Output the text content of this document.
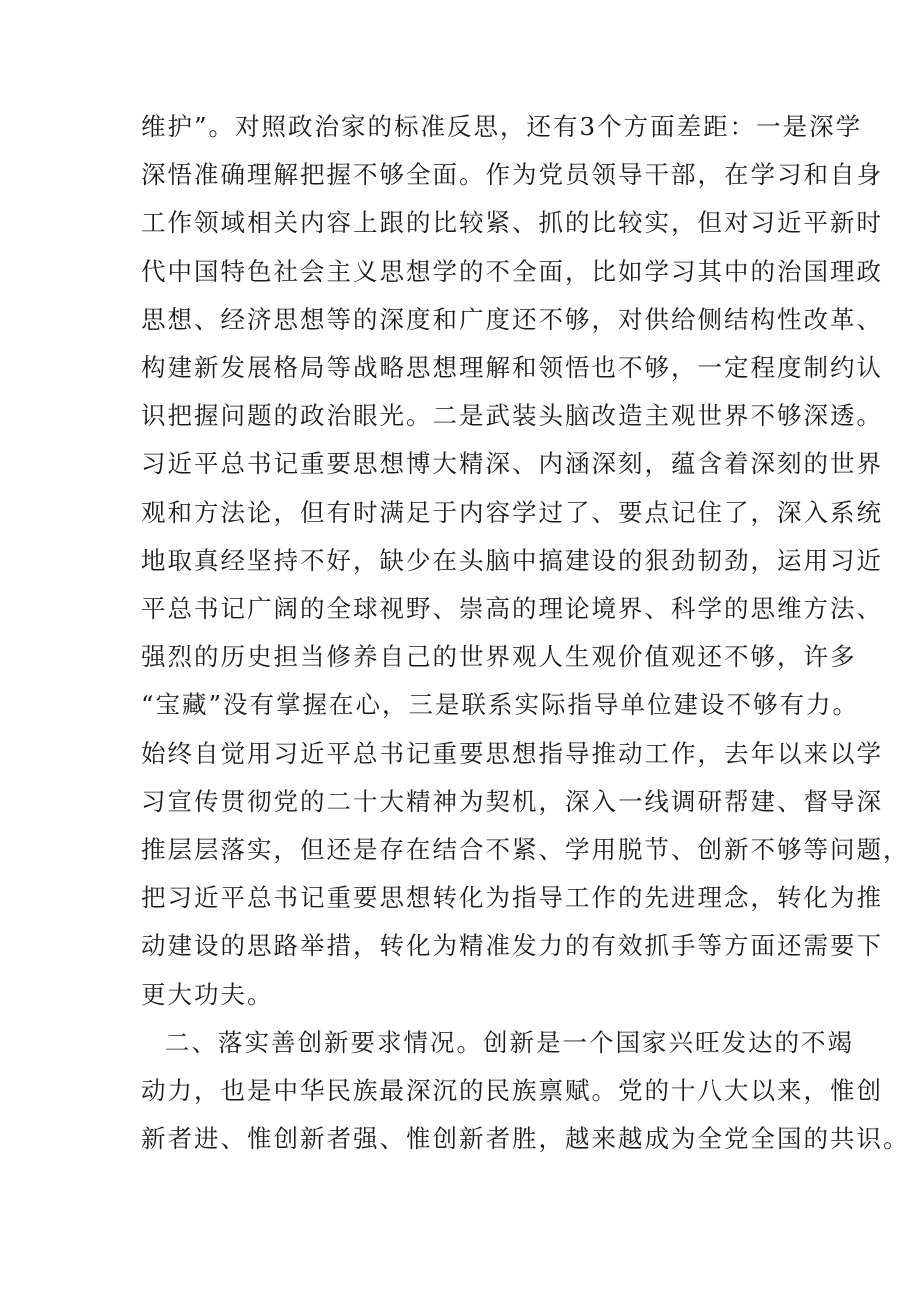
维护”。对照政治家的标准反思，还有3个方面差距：一是深学
深悟准确理解把握不够全面。作为党员领导干部，在学习和自身
工作领域相关内容上跟的比较紧、抓的比较实，但对习近平新时
代中国特色社会主义思想学的不全面，比如学习其中的治国理政
思想、经济思想等的深度和广度还不够，对供给侧结构性改革、
构建新发展格局等战略思想理解和领悟也不够，一定程度制约认
识把握问题的政治眼光。二是武装头脑改造主观世界不够深透。
习近平总书记重要思想博大精深、内涵深刻，蕴含着深刻的世界
观和方法论，但有时满足于内容学过了、要点记住了，深入系统
地取真经坚持不好，缺少在头脑中搞建设的狠劲韧劲，运用习近
平总书记广阔的全球视野、崇高的理论境界、科学的思维方法、
强烈的历史担当修养自己的世界观人生观价值观还不够，许多
“宝藏”没有掌握在心，三是联系实际指导单位建设不够有力。
始终自觉用习近平总书记重要思想指导推动工作，去年以来以学
习宣传贯彻党的二十大精神为契机，深入一线调研帮建、督导深
推层层落实，但还是存在结合不紧、学用脱节、创新不够等问题，
把习近平总书记重要思想转化为指导工作的先进理念，转化为推
动建设的思路举措，转化为精准发力的有效抓手等方面还需要下
更大功夫。
二、落实善创新要求情况。创新是一个国家兴旺发达的不竭
动力，也是中华民族最深沉的民族禀赋。党的十八大以来，惟创
新者进、惟创新者强、惟创新者胜，越来越成为全党全国的共识。
